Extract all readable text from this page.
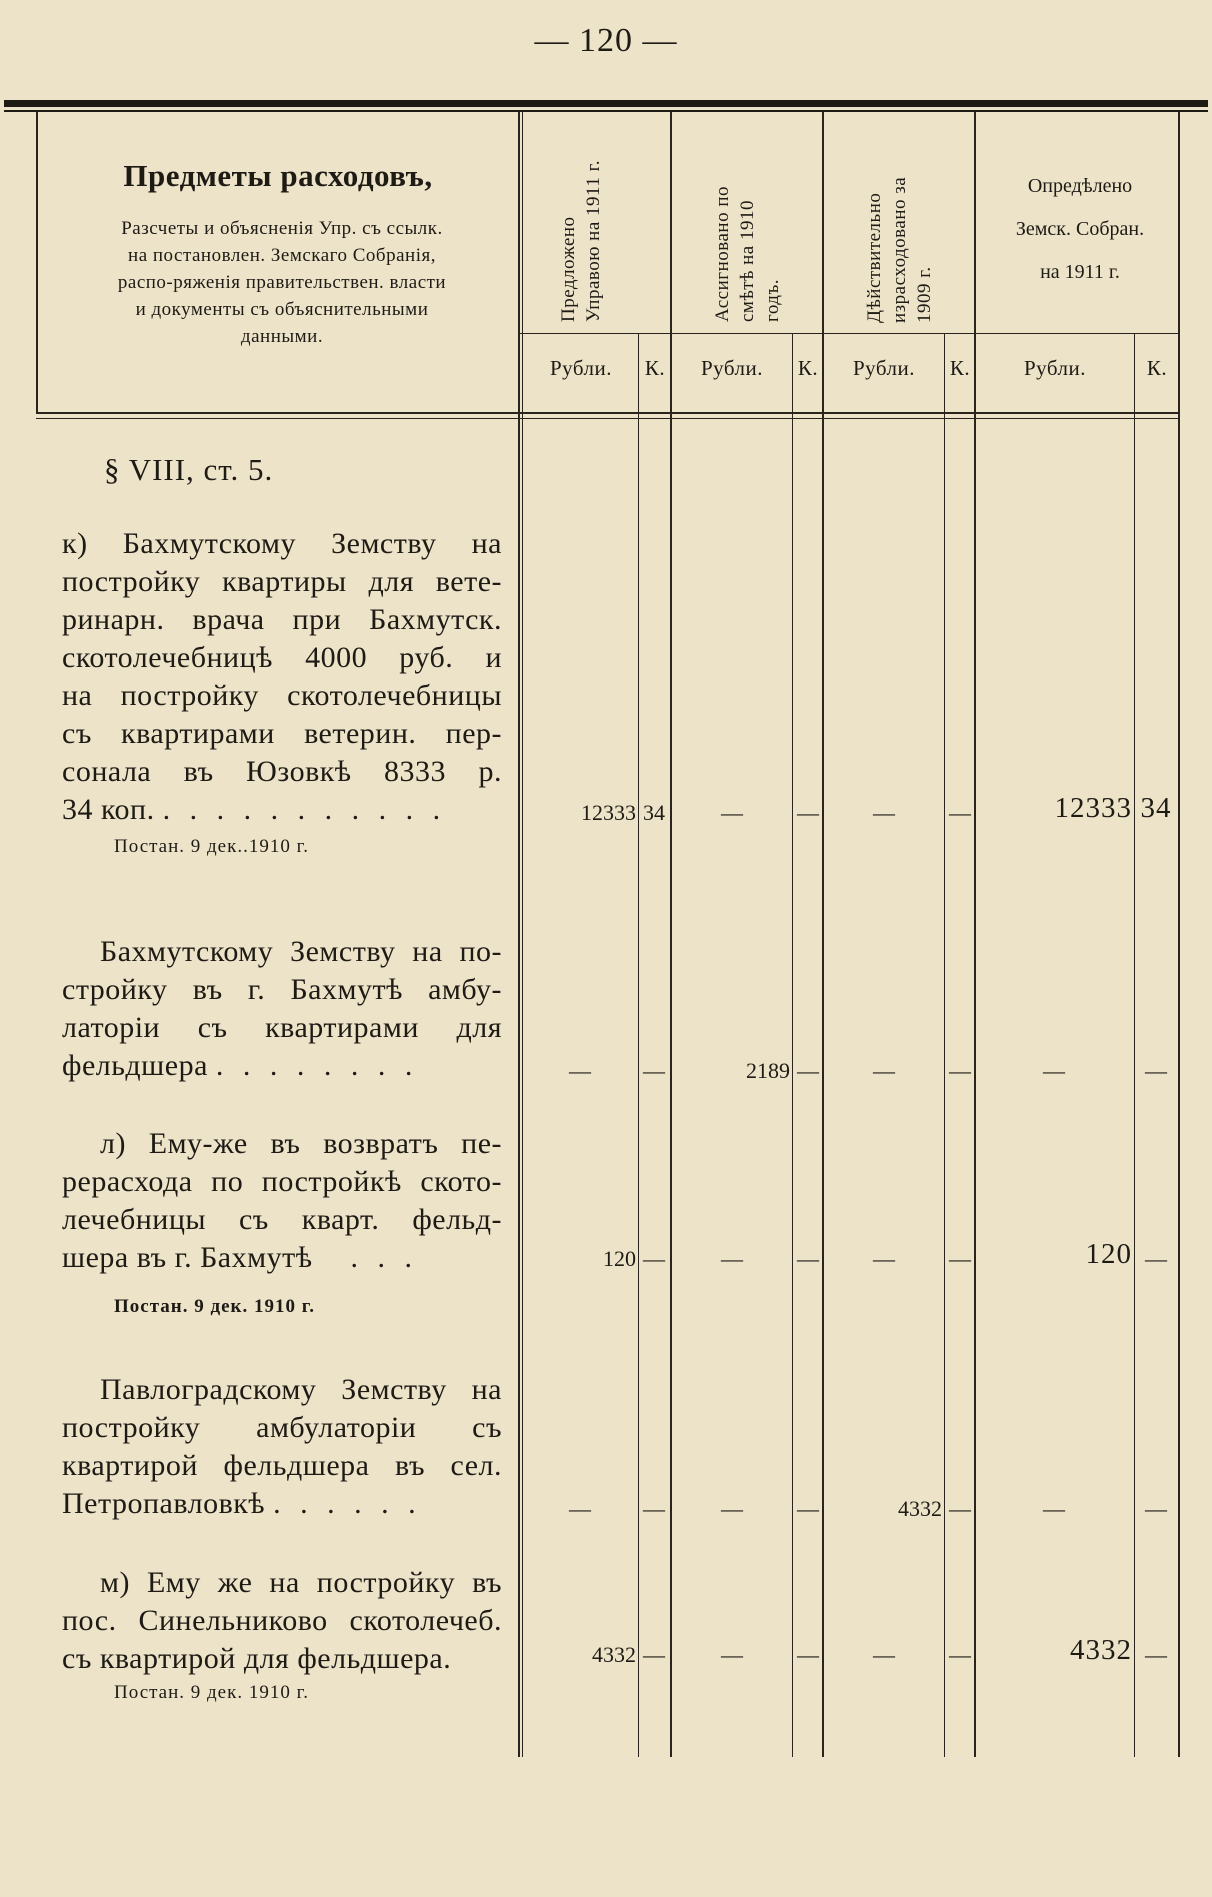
— 120 —
Предметы расходовъ,
Разсчеты и объясненія Упр. съ ссылк. на постановлен. Земскаго Собранія, распо-ряженія правительствен. власти и документы съ объяснительными данными.
Предложено Управою на 1911 г.	Ассигновано по смѣтѣ на 1910 годъ.	Дѣйствительно израсходовано за 1909 г.
Опредѣлено
Земск. Собран.
на 1911 г.
Рубли.	К.	Рубли.	К.	Рубли.	К.	Рубли.	К.
§ VIII, ст. 5.
к) Бахмутскому Земству на
постройку квартиры для вете-
ринарн. врача при Бахмутск.
скотолечебницѣ 4000 руб. и
на постройку скотолечебницы
съ квартирами ветерин. пер-
сонала въ Юзовкѣ 8333 р.
34 коп. . . . . . . . . . . .
Постан. 9 дек..1910 г.
12333 34	—	—	—	—	12333 34
Бахмутскому Земству на по-
стройку въ г. Бахмутѣ амбу-
латоріи съ квартирами для
фельдшера . . . . . . . .	—	—	2189 —	—	—	—	—
л) Ему-же въ возвратъ пе-
рерасхода по постройкѣ ското-
лечебницы съ кварт. фельд-
шера въ г. Бахмутѣ . . .
Постан. 9 дек. 1910 г.
120 —	—	—	—	—	120 —
Павлоградскому Земству на
постройку амбулаторіи съ
квартирой фельдшера въ сел.
Петропавловкѣ . . . . . .	—	—	—	—	4332 —	—	—
м) Ему же на постройку въ
пос. Синельниково скотолечеб.
съ квартирой для фельдшера.
Постан. 9 дек. 1910 г.
4332 —	—	—	—	—	4332 —
